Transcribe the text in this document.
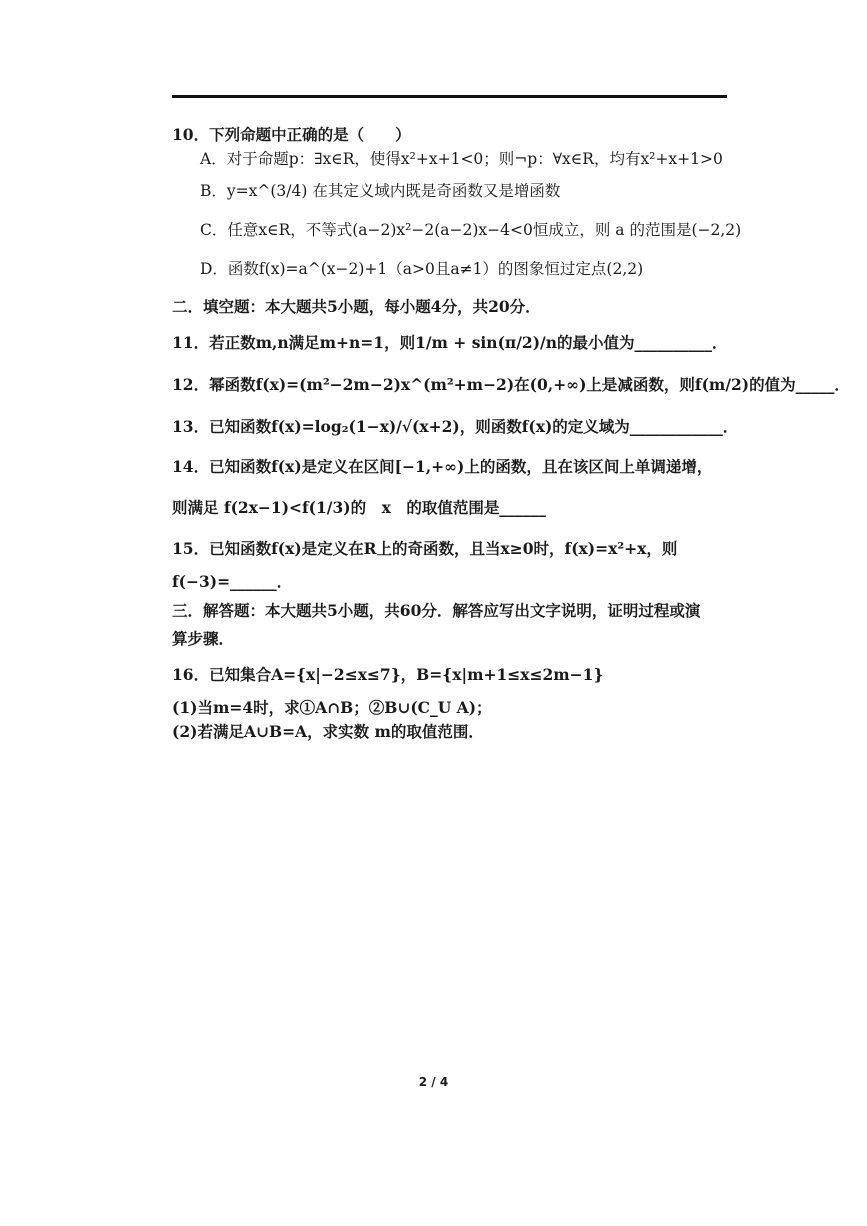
10．下列命题中正确的是（　　）
A．对于命题p：∃x∈R，使得x²+x+1<0；则¬p：∀x∈R，均有x²+x+1>0
B．y=x^(3/4) 在其定义域内既是奇函数又是增函数
C．任意x∈R，不等式(a−2)x²−2(a−2)x−4<0恒成立，则 a 的范围是(−2,2)
D．函数f(x)=a^(x−2)+1（a>0且a≠1）的图象恒过定点(2,2)
二．填空题：本大题共5小题，每小题4分，共20分．
11．若正数m,n满足m+n=1，则1/m + sin(π/2)/n的最小值为__________．
12．幂函数f(x)=(m²−2m−2)x^(m²+m−2)在(0,+∞)上是减函数，则f(m/2)的值为_____．
13．已知函数f(x)=log₂(1−x)/√(x+2)，则函数f(x)的定义域为____________．
14．已知函数f(x)是定义在区间[−1,+∞)上的函数，且在该区间上单调递增，
则满足 f(2x−1)<f(1/3)的　x　的取值范围是______
15．已知函数f(x)是定义在R上的奇函数，且当x≥0时，f(x)=x²+x，则
f(−3)=______．
三．解答题：本大题共5小题，共60分．解答应写出文字说明，证明过程或演
算步骤．
16．已知集合A={x|−2≤x≤7}，B={x|m+1≤x≤2m−1}
(1)当m=4时，求①A∩B；②B∪(C_U A)；
(2)若满足A∪B=A，求实数 m的取值范围．
2 / 4
